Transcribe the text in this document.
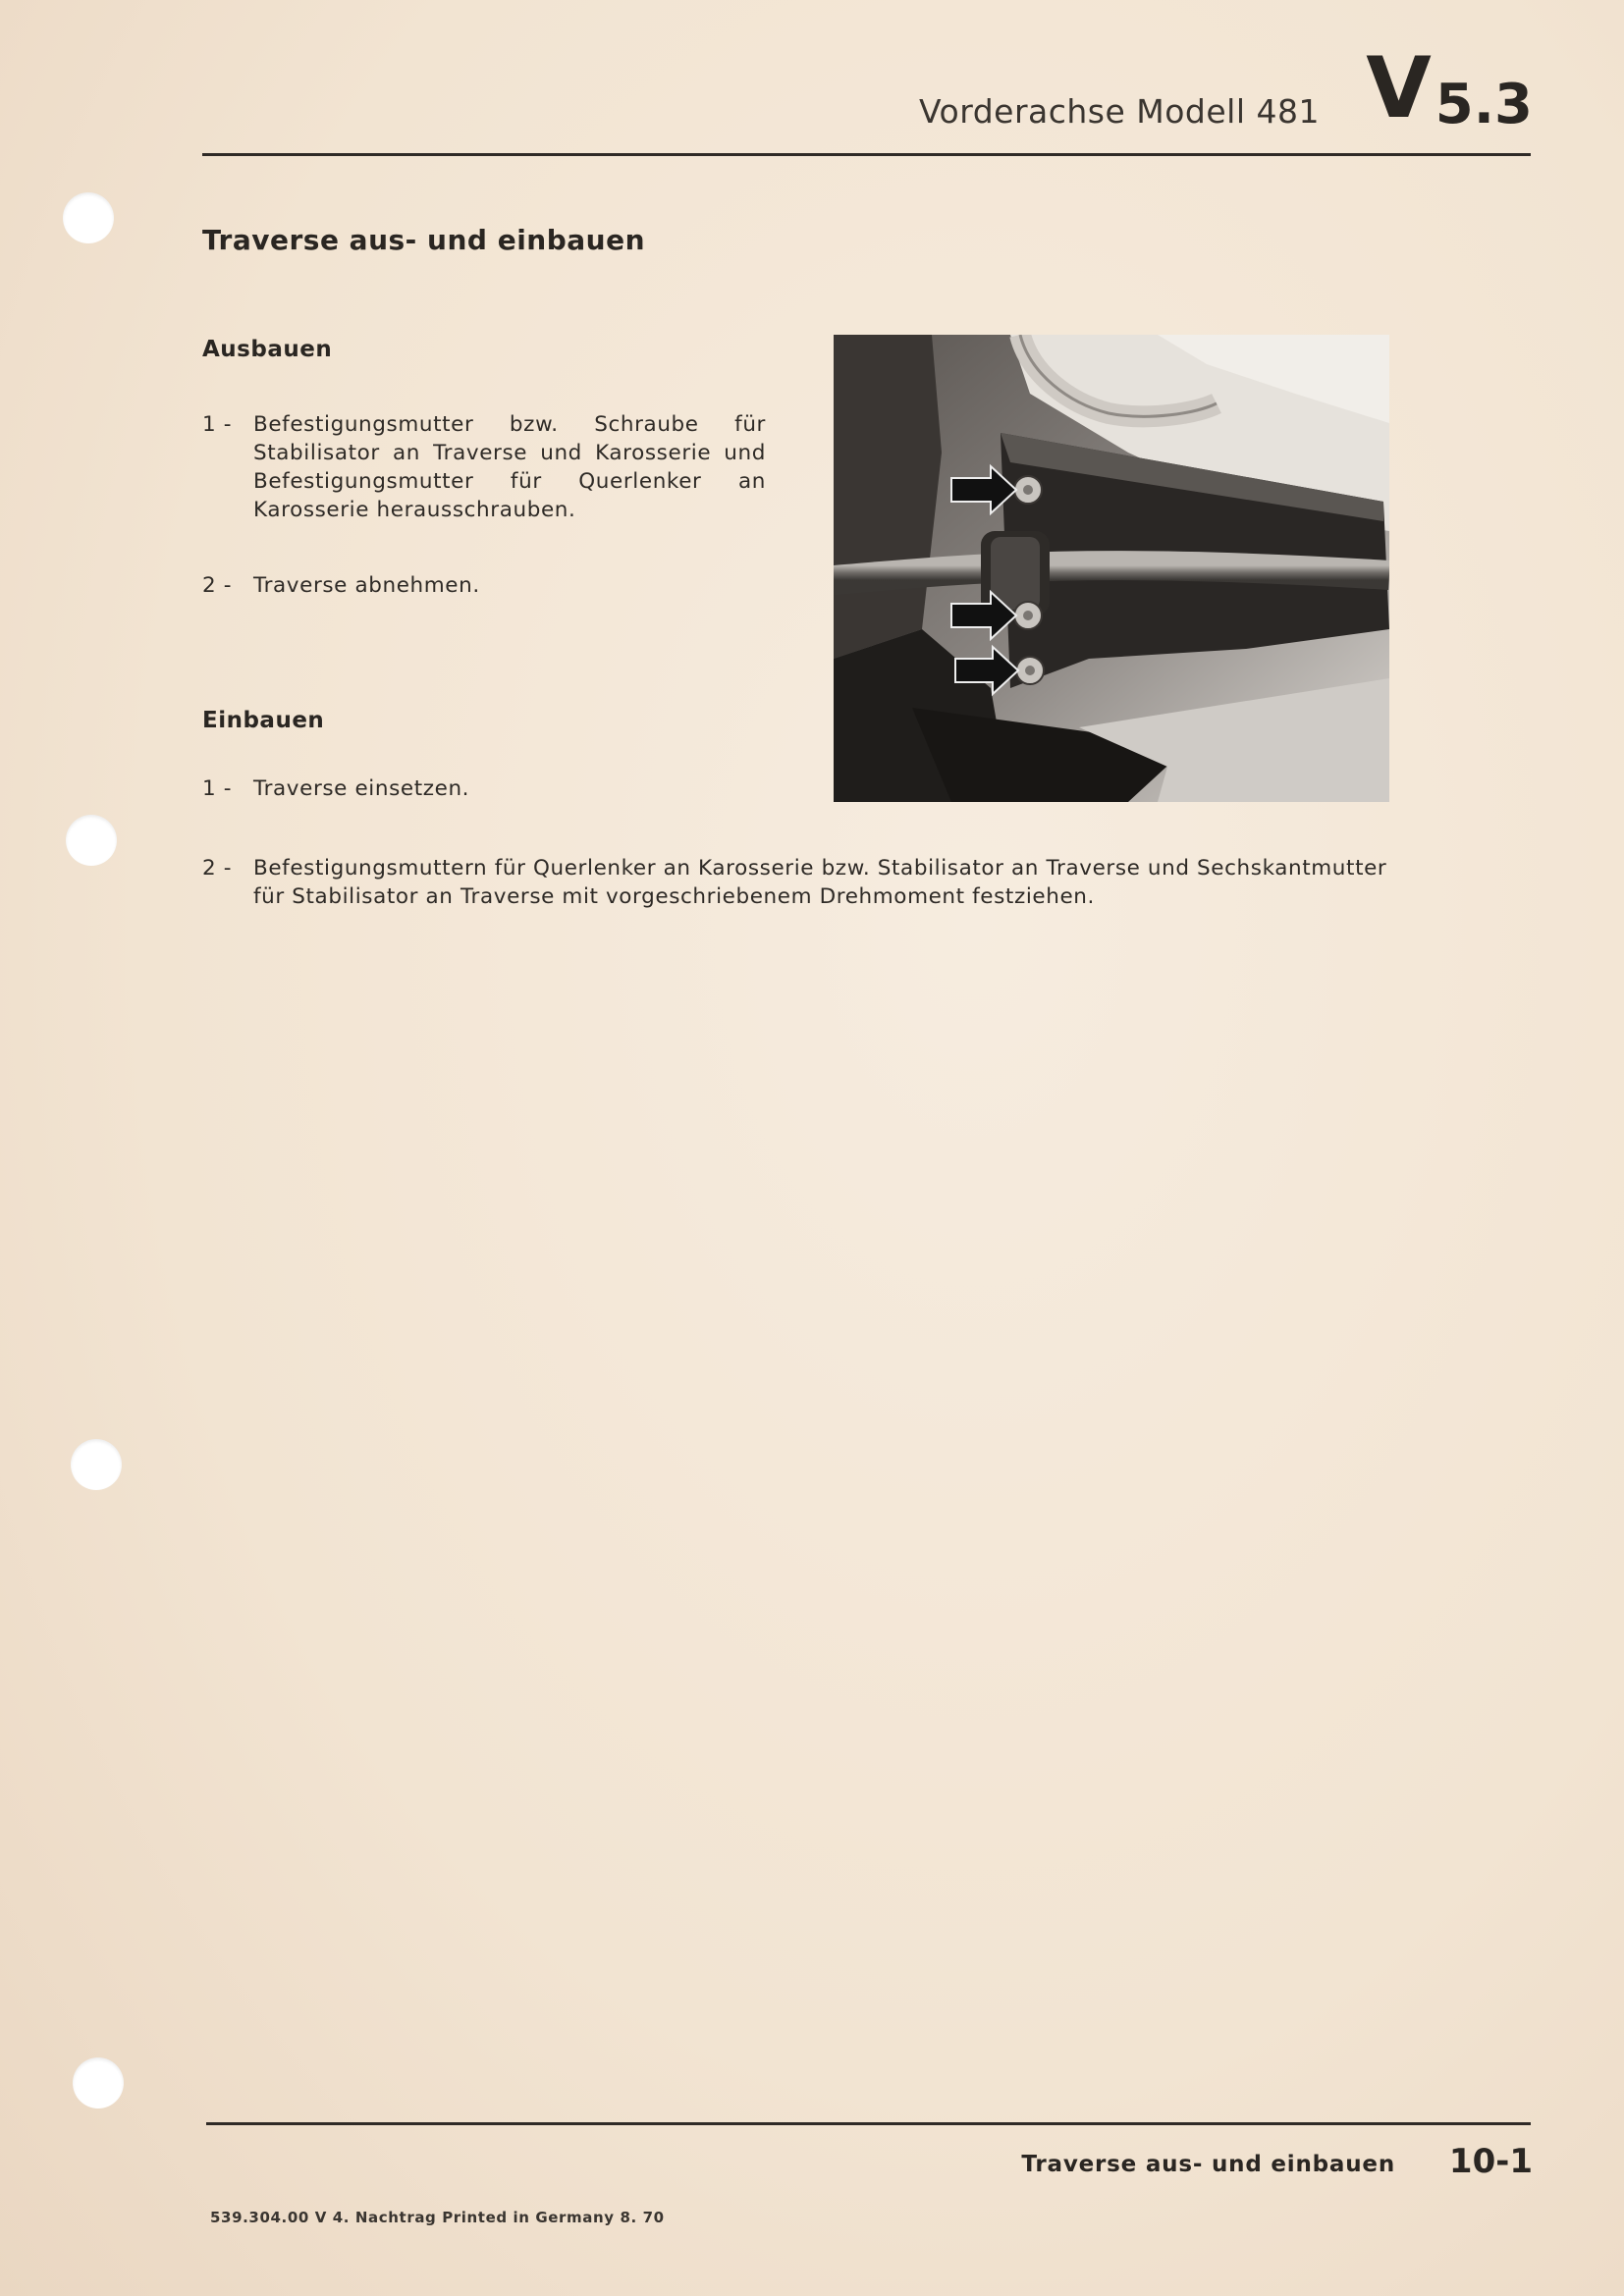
Vorderachse Modell 481 V 5.3
Traverse aus- und einbauen
Ausbauen
1 - Befestigungsmutter bzw. Schraube für Stabilisator an Traverse und Karosserie und Befestigungsmutter für Querlenker an Karosserie herausschrauben.
2 - Traverse abnehmen.
Einbauen
1 - Traverse einsetzen.
2 - Befestigungsmuttern für Querlenker an Karosserie bzw. Stabilisator an Traverse und Sechskantmutter für Stabilisator an Traverse mit vorgeschriebenem Drehmoment festziehen.
Traverse aus- und einbauen 10-1
539.304.00 V 4. Nachtrag Printed in Germany 8. 70
